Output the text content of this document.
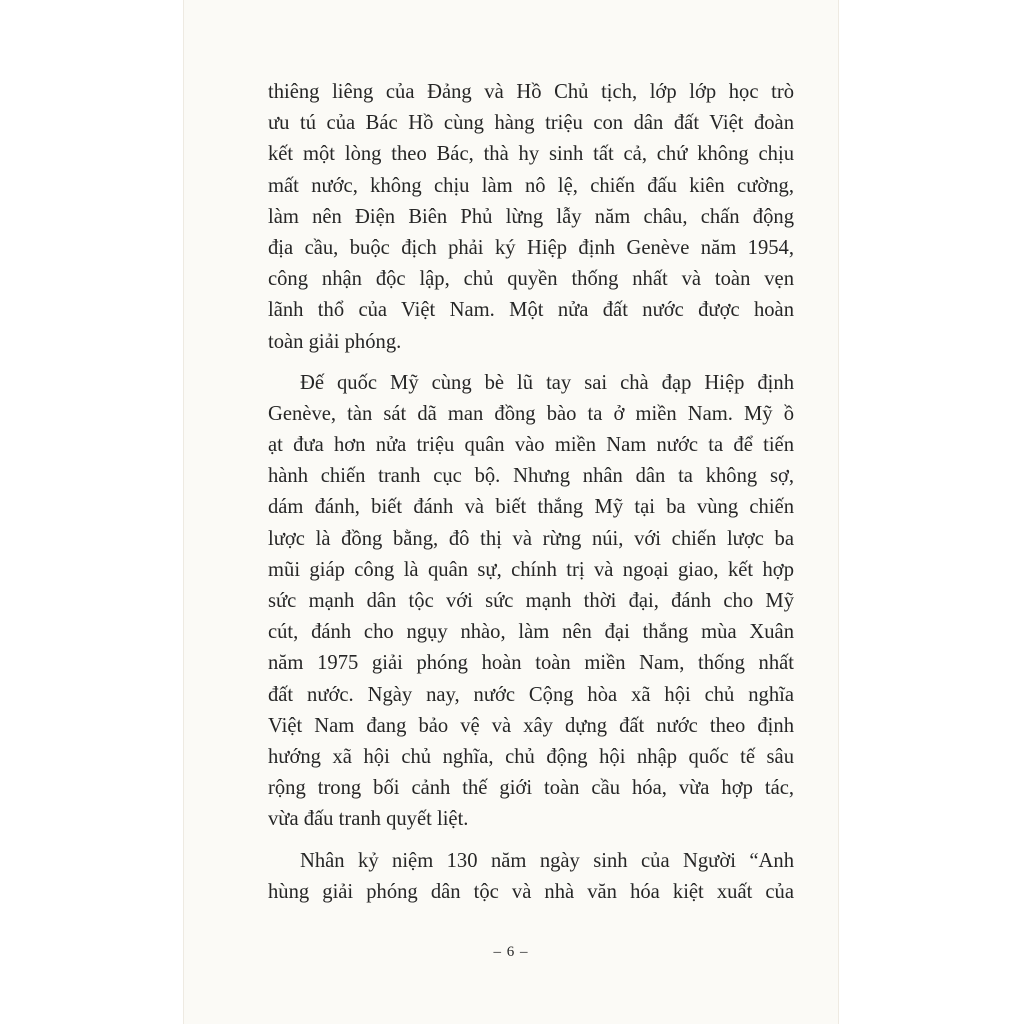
thiêng liêng của Đảng và Hồ Chủ tịch, lớp lớp học trò
ưu tú của Bác Hồ cùng hàng triệu con dân đất Việt đoàn
kết một lòng theo Bác, thà hy sinh tất cả, chứ không chịu
mất nước, không chịu làm nô lệ, chiến đấu kiên cường,
làm nên Điện Biên Phủ lừng lẫy năm châu, chấn động
địa cầu, buộc địch phải ký Hiệp định Genève năm 1954,
công nhận độc lập, chủ quyền thống nhất và toàn vẹn
lãnh thổ của Việt Nam. Một nửa đất nước được hoàn
toàn giải phóng.
Đế quốc Mỹ cùng bè lũ tay sai chà đạp Hiệp định
Genève, tàn sát dã man đồng bào ta ở miền Nam. Mỹ ồ
ạt đưa hơn nửa triệu quân vào miền Nam nước ta để tiến
hành chiến tranh cục bộ. Nhưng nhân dân ta không sợ,
dám đánh, biết đánh và biết thắng Mỹ tại ba vùng chiến
lược là đồng bằng, đô thị và rừng núi, với chiến lược ba
mũi giáp công là quân sự, chính trị và ngoại giao, kết hợp
sức mạnh dân tộc với sức mạnh thời đại, đánh cho Mỹ
cút, đánh cho ngụy nhào, làm nên đại thắng mùa Xuân
năm 1975 giải phóng hoàn toàn miền Nam, thống nhất
đất nước. Ngày nay, nước Cộng hòa xã hội chủ nghĩa
Việt Nam đang bảo vệ và xây dựng đất nước theo định
hướng xã hội chủ nghĩa, chủ động hội nhập quốc tế sâu
rộng trong bối cảnh thế giới toàn cầu hóa, vừa hợp tác,
vừa đấu tranh quyết liệt.
Nhân kỷ niệm 130 năm ngày sinh của Người “Anh
hùng giải phóng dân tộc và nhà văn hóa kiệt xuất của
– 6 –
